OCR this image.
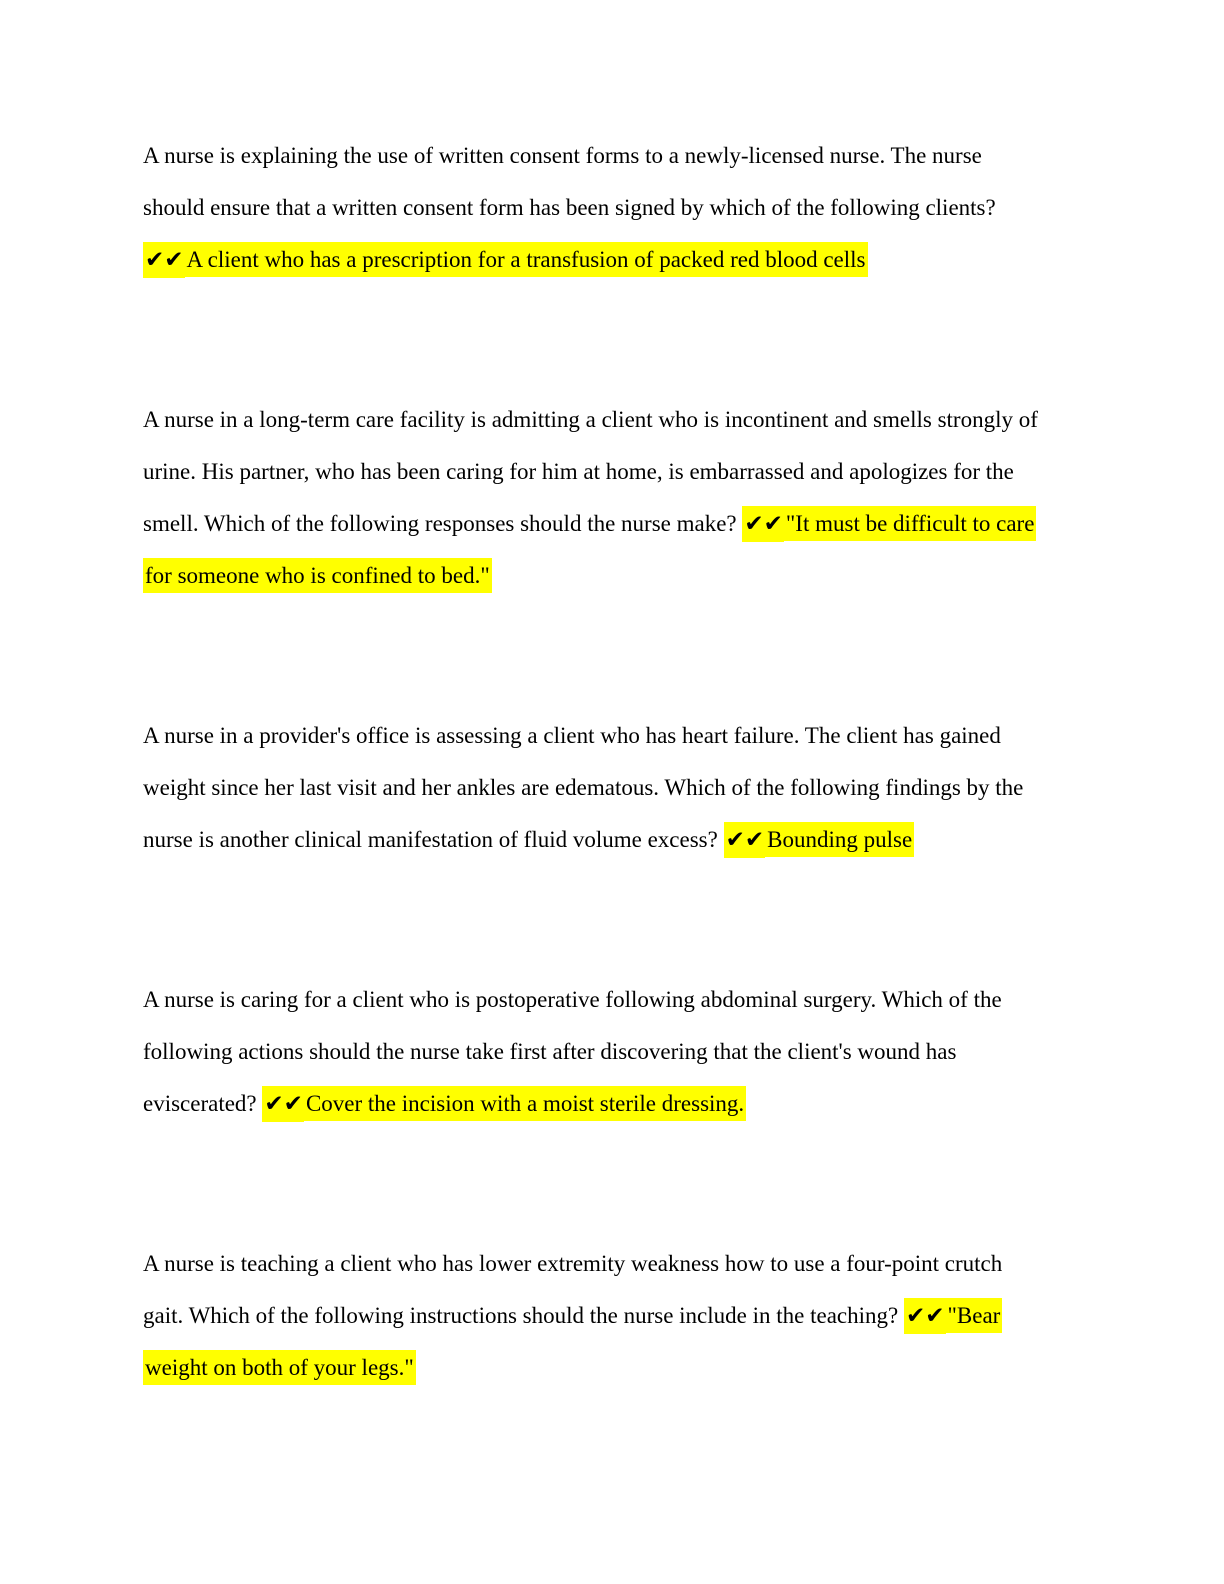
A nurse is explaining the use of written consent forms to a newly-licensed nurse. The nurse
should ensure that a written consent form has been signed by which of the following clients?
✔✔ A client who has a prescription for a transfusion of packed red blood cells
A nurse in a long-term care facility is admitting a client who is incontinent and smells strongly of
urine. His partner, who has been caring for him at home, is embarrassed and apologizes for the
smell. Which of the following responses should the nurse make? ✔✔ "It must be difficult to care
for someone who is confined to bed."
A nurse in a provider's office is assessing a client who has heart failure. The client has gained
weight since her last visit and her ankles are edematous. Which of the following findings by the
nurse is another clinical manifestation of fluid volume excess? ✔✔ Bounding pulse
A nurse is caring for a client who is postoperative following abdominal surgery. Which of the
following actions should the nurse take first after discovering that the client's wound has
eviscerated? ✔✔ Cover the incision with a moist sterile dressing.
A nurse is teaching a client who has lower extremity weakness how to use a four-point crutch
gait. Which of the following instructions should the nurse include in the teaching? ✔✔ "Bear
weight on both of your legs."
